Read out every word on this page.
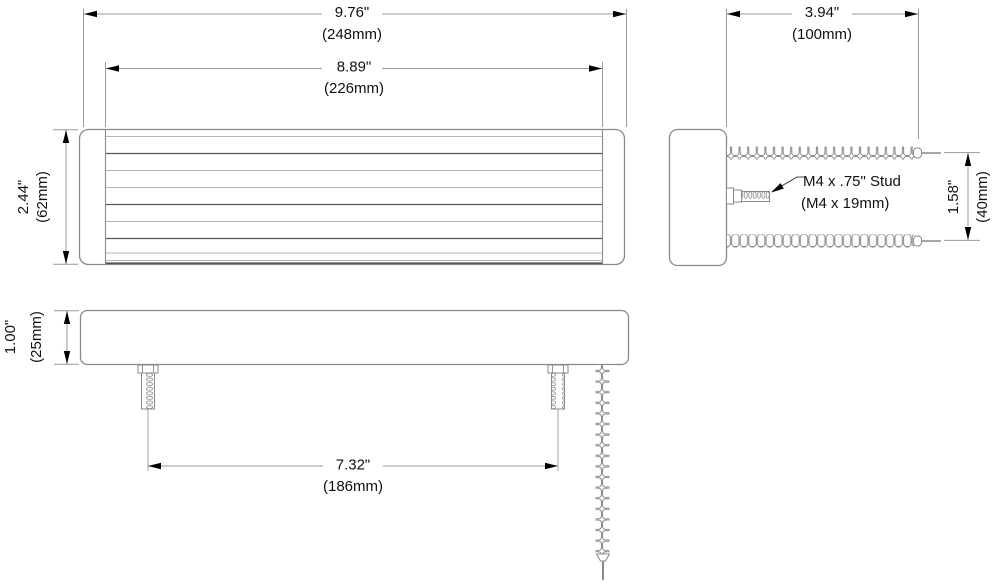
9.76"
(248mm)
8.89"
(226mm)
2.44" (62mm)	M4 x .75" Stud
(M4 x 19mm)
3.94"
(100mm)
1.58" (40mm)
1.00" (25mm)
7.32"
(186mm)
